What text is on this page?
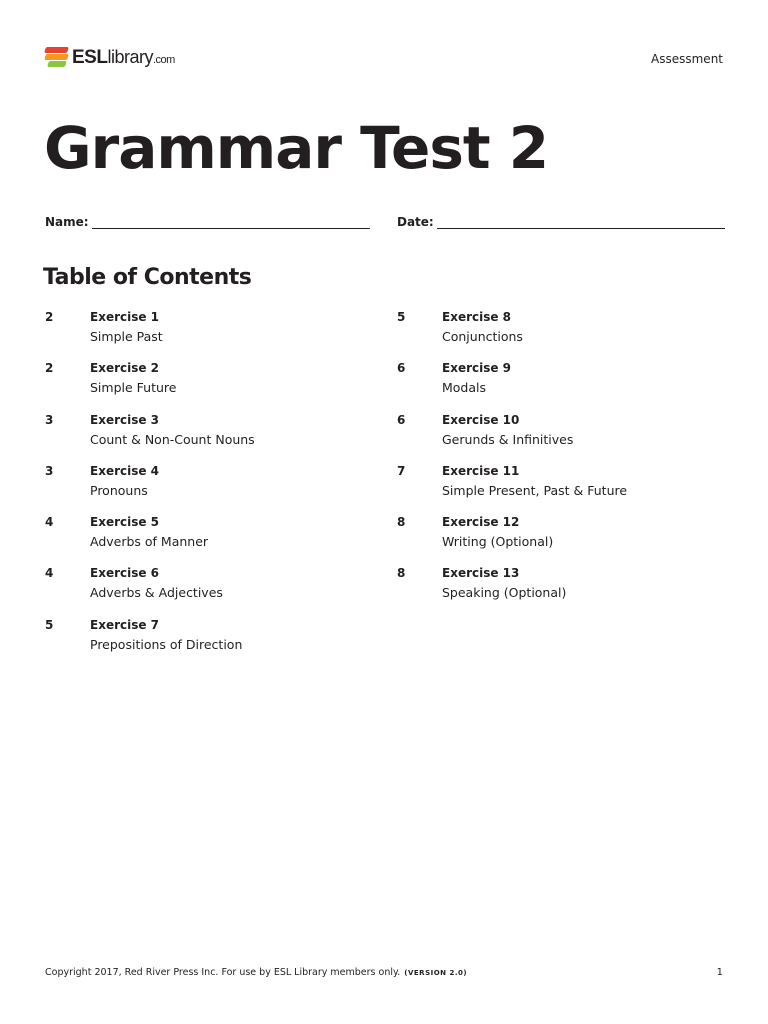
ESL library .com	Assessment
Grammar Test 2
Name:	Date:
Table of Contents
2	Exercise 1
Simple Past
2	Exercise 2
Simple Future
3	Exercise 3
Count & Non-Count Nouns
3	Exercise 4
Pronouns
4	Exercise 5
Adverbs of Manner
4	Exercise 6
Adverbs & Adjectives
5	Exercise 7
Prepositions of Direction
5	Exercise 8
Conjunctions
6	Exercise 9
Modals
6	Exercise 10
Gerunds & Infinitives
7	Exercise 11
Simple Present, Past & Future
8	Exercise 12
Writing (Optional)
8	Exercise 13
Speaking (Optional)
Copyright 2017, Red River Press Inc. For use by ESL Library members only. (VERSION 2.0)	1
